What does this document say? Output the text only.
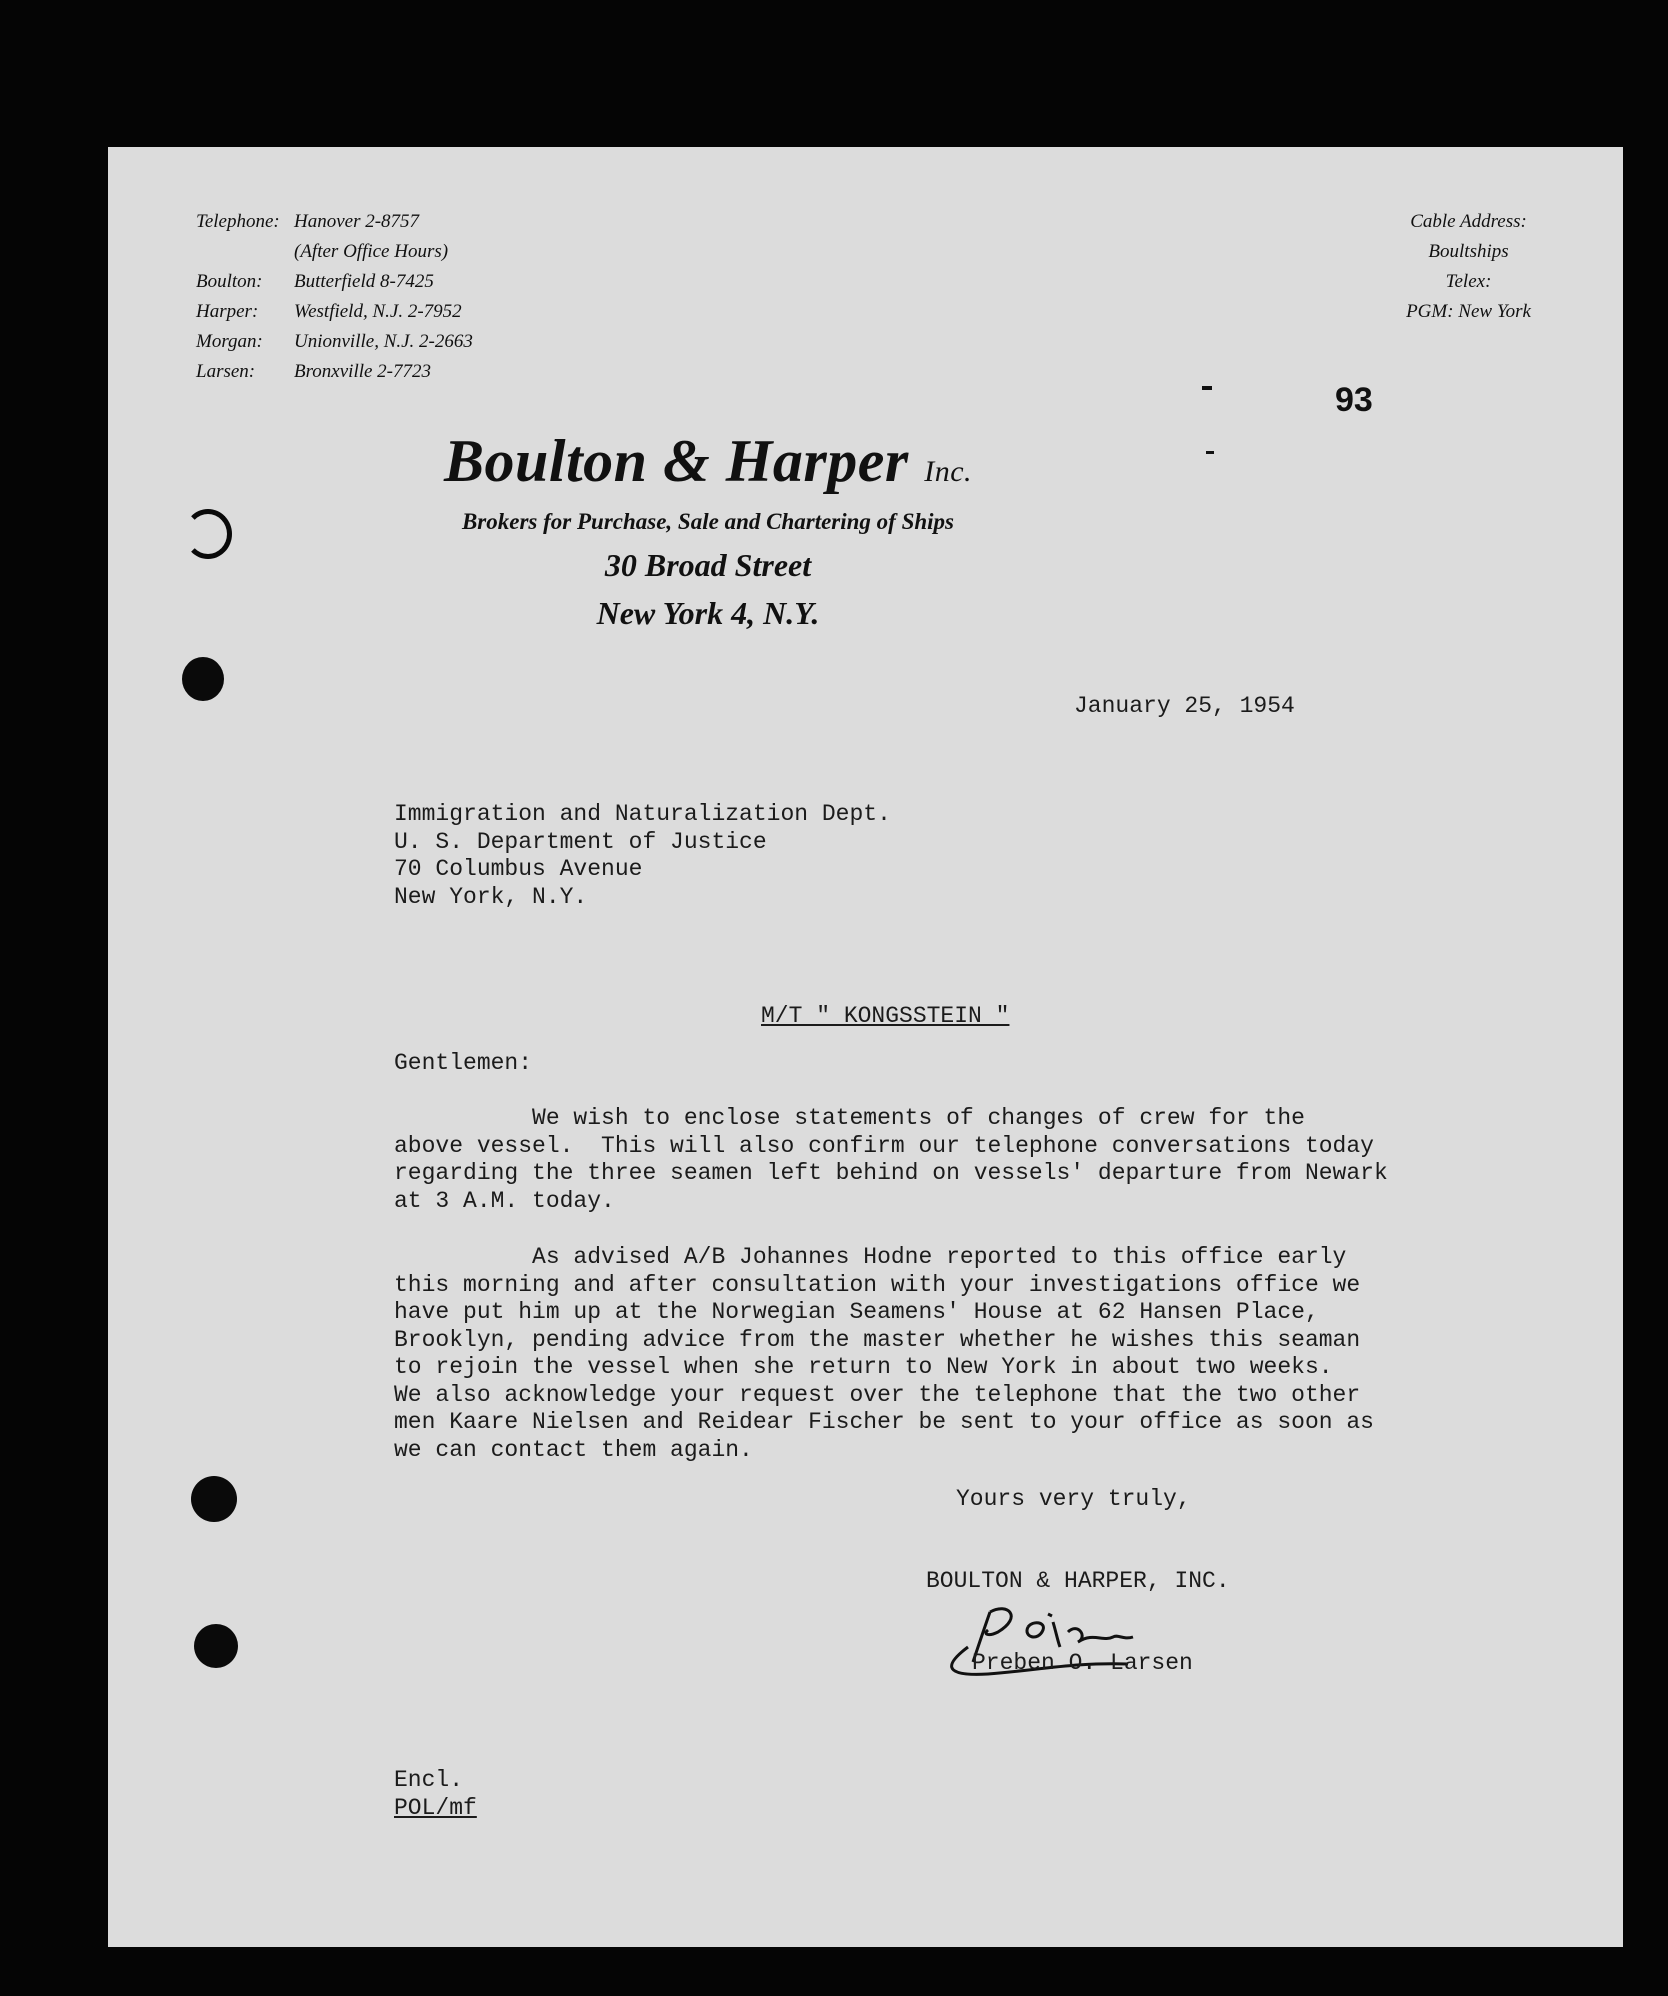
Telephone: Hanover 2-8757
(After Office Hours)
Boulton:	Butterfield 8-7425
Harper:	Westfield, N.J. 2-7952
Morgan:	Unionville, N.J. 2-2663
Larsen:	Bronxville 2-7723
Cable Address:
Boultships
Telex:
PGM: New York
93
Boulton & Harper Inc.
Brokers for Purchase, Sale and Chartering of Ships
30 Broad Street
New York 4, N.Y.
January 25, 1954
Immigration and Naturalization Dept.
U. S. Department of Justice
70 Columbus Avenue
New York, N.Y.
M/T " KONGSSTEIN "
Gentlemen:
We wish to enclose statements of changes of crew for the
above vessel.  This will also confirm our telephone conversations today
regarding the three seamen left behind on vessels' departure from Newark
at 3 A.M. today.
As advised A/B Johannes Hodne reported to this office early
this morning and after consultation with your investigations office we
have put him up at the Norwegian Seamens' House at 62 Hansen Place,
Brooklyn, pending advice from the master whether he wishes this seaman
to rejoin the vessel when she return to New York in about two weeks.
We also acknowledge your request over the telephone that the two other
men Kaare Nielsen and Reidear Fischer be sent to your office as soon as
we can contact them again.
Yours very truly,
BOULTON & HARPER, INC.
Preben O. Larsen
Encl.
POL/mf
